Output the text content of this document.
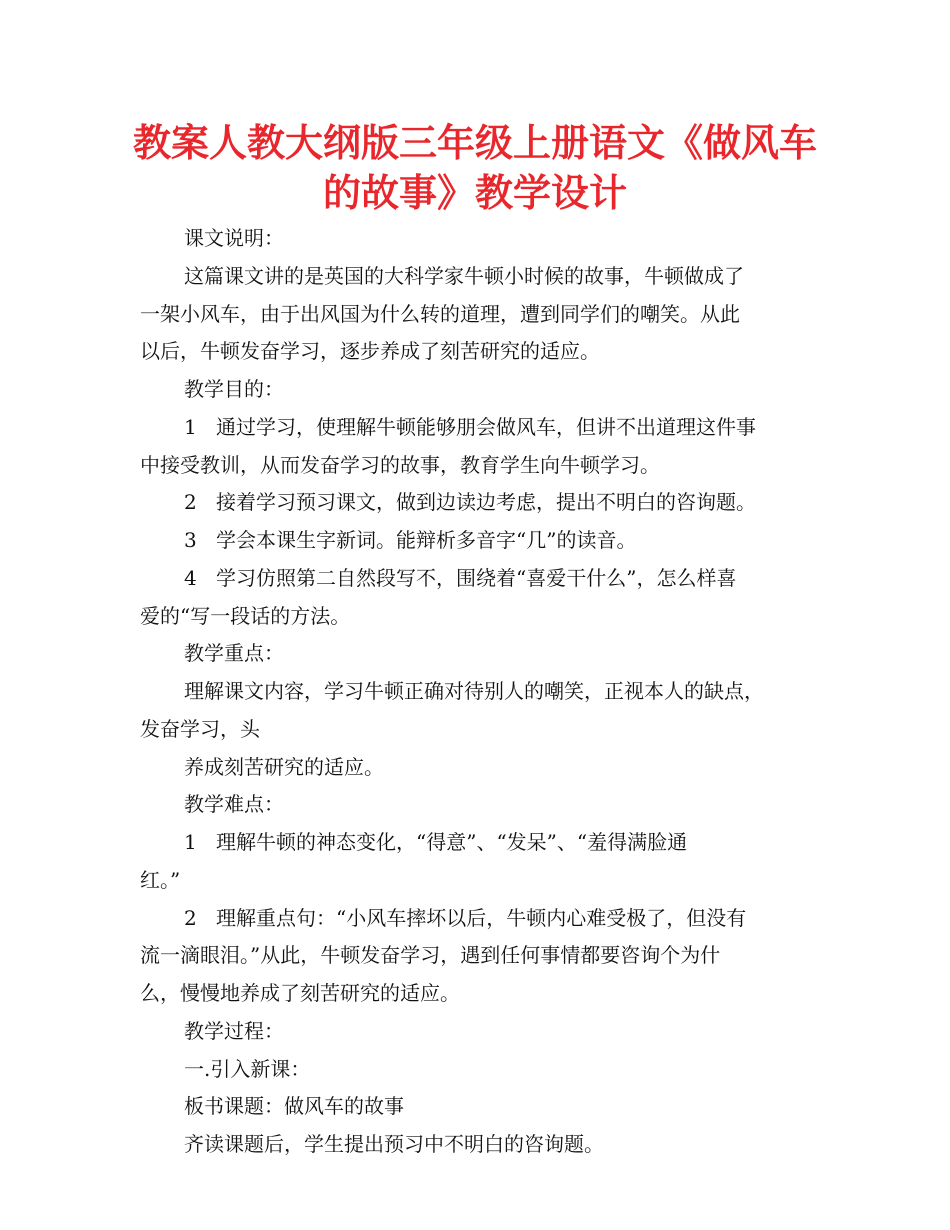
教案人教大纲版三年级上册语文《做风车
的故事》教学设计
课文说明：
这篇课文讲的是英国的大科学家牛顿小时候的故事，牛顿做成了
一架小风车，由于出风国为什么转的道理，遭到同学们的嘲笑。从此
以后，牛顿发奋学习，逐步养成了刻苦研究的适应。
教学目的：
1 通过学习，使理解牛顿能够朋会做风车，但讲不出道理这件事
中接受教训，从而发奋学习的故事，教育学生向牛顿学习。
2 接着学习预习课文，做到边读边考虑，提出不明白的咨询题。
3 学会本课生字新词。能辩析多音字“几”的读音。
4 学习仿照第二自然段写不，围绕着“喜爱干什么”，怎么样喜
爱的“写一段话的方法。
教学重点：
理解课文内容，学习牛顿正确对待别人的嘲笑，正视本人的缺点，
发奋学习，头
养成刻苦研究的适应。
教学难点：
1 理解牛顿的神态变化，“得意”、“发呆”、“羞得满脸通
红。”
2 理解重点句：“小风车摔坏以后，牛顿内心难受极了，但没有
流一滴眼泪。”从此，牛顿发奋学习，遇到任何事情都要咨询个为什
么，慢慢地养成了刻苦研究的适应。
教学过程：
一.引入新课：
板书课题：做风车的故事
齐读课题后，学生提出预习中不明白的咨询题。
